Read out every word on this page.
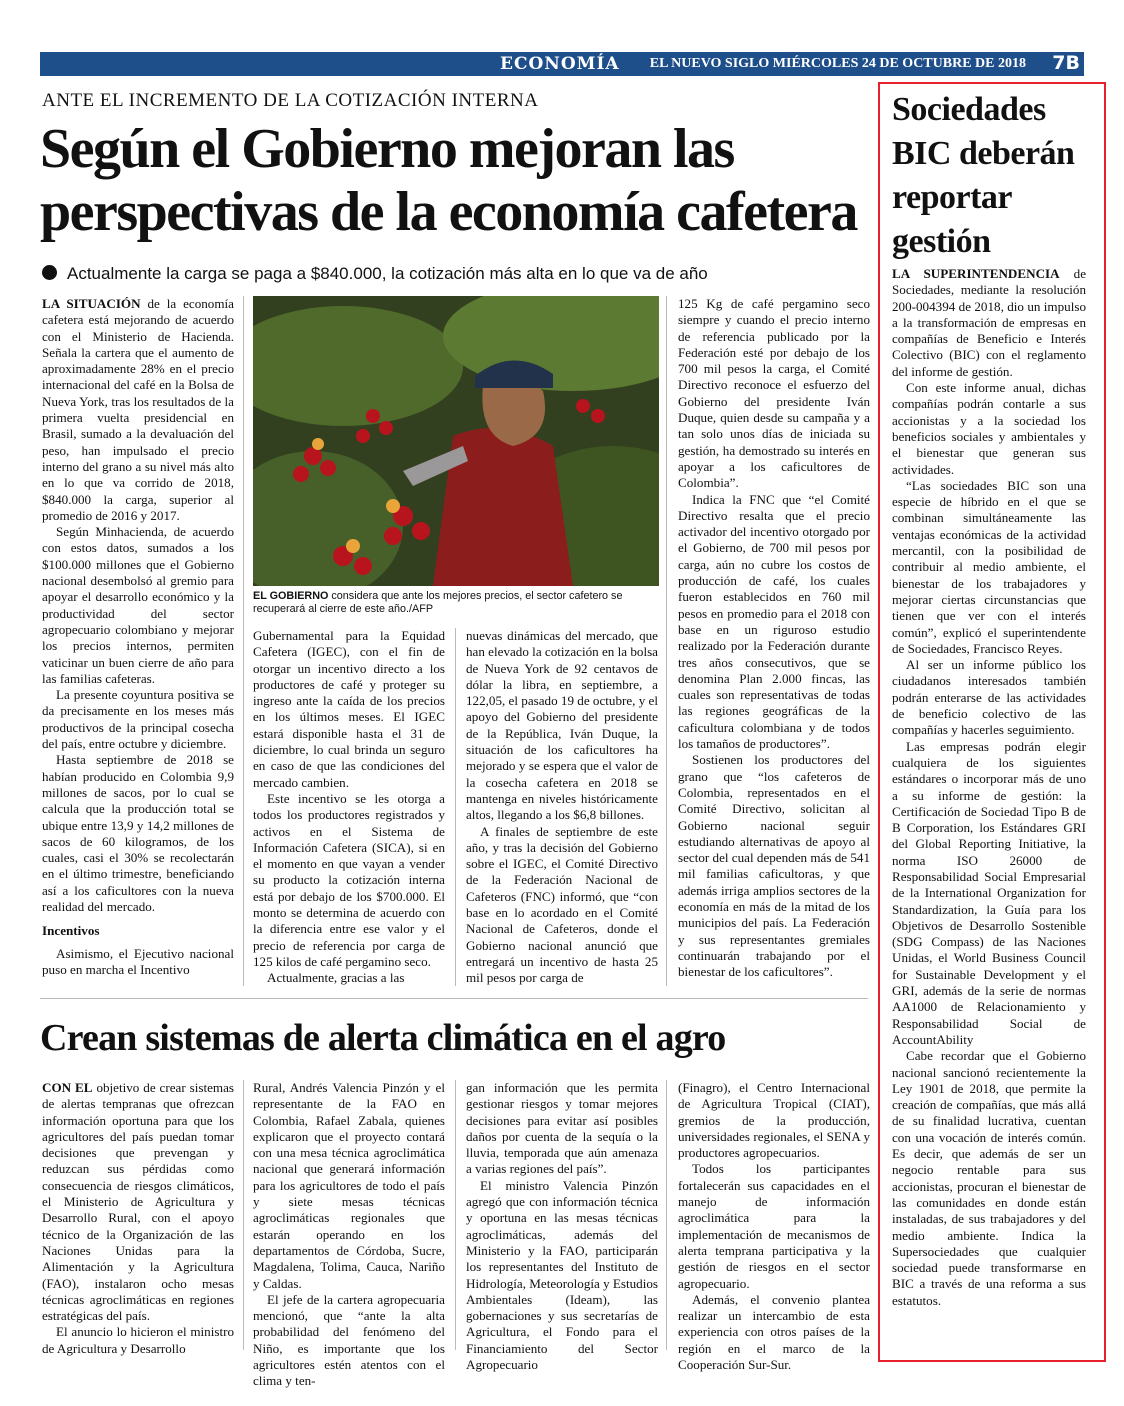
ECONOMÍA EL NUEVO SIGLO MIÉRCOLES 24 DE OCTUBRE DE 2018 7B
ANTE EL INCREMENTO DE LA COTIZACIÓN INTERNA
Según el Gobierno mejoran las perspectivas de la economía cafetera
Actualmente la carga se paga a $840.000, la cotización más alta en lo que va de año

LA SITUACIÓN de la economía cafetera está mejorando de acuerdo con el Ministerio de Hacienda. Señala la cartera que el aumento de aproximadamente 28% en el precio internacional del café en la Bolsa de Nueva York, tras los resultados de la primera vuelta presidencial en Brasil, sumado a la devaluación del peso, han impulsado el precio interno del grano a su nivel más alto en lo que va corrido de 2018, $840.000 la carga, superior al promedio de 2016 y 2017.

Según Minhacienda, de acuerdo con estos datos, sumados a los $100.000 millones que el Gobierno nacional desembolsó al gremio para apoyar el desarrollo económico y la productividad del sector agropecuario colombiano y mejorar los precios internos, permiten vaticinar un buen cierre de año para las familias cafeteras.

La presente coyuntura positiva se da precisamente en los meses más productivos de la principal cosecha del país, entre octubre y diciembre.

Hasta septiembre de 2018 se habían producido en Colombia 9,9 millones de sacos, por lo cual se calcula que la producción total se ubique entre 13,9 y 14,2 millones de sacos de 60 kilogramos, de los cuales, casi el 30% se recolectarán en el último trimestre, beneficiando así a los caficultores con la nueva realidad del mercado.

Incentivos

Asimismo, el Ejecutivo nacional puso en marcha el Incentivo

EL GOBIERNO considera que ante los mejores precios, el sector cafetero se recuperará al cierre de este año./AFP

Gubernamental para la Equidad Cafetera (IGEC), con el fin de otorgar un incentivo directo a los productores de café y proteger su ingreso ante la caída de los precios en los últimos meses. El IGEC estará disponible hasta el 31 de diciembre, lo cual brinda un seguro en caso de que las condiciones del mercado cambien.

Este incentivo se les otorga a todos los productores registrados y activos en el Sistema de Información Cafetera (SICA), si en el momento en que vayan a vender su producto la cotización interna está por debajo de los $700.000. El monto se determina de acuerdo con la diferencia entre ese valor y el precio de referencia por carga de 125 kilos de café pergamino seco.

Actualmente, gracias a las

nuevas dinámicas del mercado, que han elevado la cotización en la bolsa de Nueva York de 92 centavos de dólar la libra, en septiembre, a 122,05, el pasado 19 de octubre, y el apoyo del Gobierno del presidente de la República, Iván Duque, la situación de los caficultores ha mejorado y se espera que el valor de la cosecha cafetera en 2018 se mantenga en niveles históricamente altos, llegando a los $6,8 billones.

A finales de septiembre de este año, y tras la decisión del Gobierno sobre el IGEC, el Comité Directivo de la Federación Nacional de Cafeteros (FNC) informó, que “con base en lo acordado en el Comité Nacional de Cafeteros, donde el Gobierno nacional anunció que entregará un incentivo de hasta 25 mil pesos por carga de

125 Kg de café pergamino seco siempre y cuando el precio interno de referencia publicado por la Federación esté por debajo de los 700 mil pesos la carga, el Comité Directivo reconoce el esfuerzo del Gobierno del presidente Iván Duque, quien desde su campaña y a tan solo unos días de iniciada su gestión, ha demostrado su interés en apoyar a los caficultores de Colombia”.

Indica la FNC que “el Comité Directivo resalta que el precio activador del incentivo otorgado por el Gobierno, de 700 mil pesos por carga, aún no cubre los costos de producción de café, los cuales fueron establecidos en 760 mil pesos en promedio para el 2018 con base en un riguroso estudio realizado por la Federación durante tres años consecutivos, que se denomina Plan 2.000 fincas, las cuales son representativas de todas las regiones geográficas de la caficultura colombiana y de todos los tamaños de productores”.

Sostienen los productores del grano que “los cafeteros de Colombia, representados en el Comité Directivo, solicitan al Gobierno nacional seguir estudiando alternativas de apoyo al sector del cual dependen más de 541 mil familias caficultoras, y que además irriga amplios sectores de la economía en más de la mitad de los municipios del país. La Federación y sus representantes gremiales continuarán trabajando por el bienestar de los caficultores”.

Sociedades BIC deberán reportar gestión

LA SUPERINTENDENCIA de Sociedades, mediante la resolución 200-004394 de 2018, dio un impulso a la transformación de empresas en compañías de Beneficio e Interés Colectivo (BIC) con el reglamento del informe de gestión.

Con este informe anual, dichas compañías podrán contarle a sus accionistas y a la sociedad los beneficios sociales y ambientales y el bienestar que generan sus actividades.

“Las sociedades BIC son una especie de híbrido en el que se combinan simultáneamente las ventajas económicas de la actividad mercantil, con la posibilidad de contribuir al medio ambiente, el bienestar de los trabajadores y mejorar ciertas circunstancias que tienen que ver con el interés común”, explicó el superintendente de Sociedades, Francisco Reyes.

Al ser un informe público los ciudadanos interesados también podrán enterarse de las actividades de beneficio colectivo de las compañías y hacerles seguimiento.

Las empresas podrán elegir cualquiera de los siguientes estándares o incorporar más de uno a su informe de gestión: la Certificación de Sociedad Tipo B de B Corporation, los Estándares GRI del Global Reporting Initiative, la norma ISO 26000 de Responsabilidad Social Empresarial de la International Organization for Standardization, la Guía para los Objetivos de Desarrollo Sostenible (SDG Compass) de las Naciones Unidas, el World Business Council for Sustainable Development y el GRI, además de la serie de normas AA1000 de Relacionamiento y Responsabilidad Social de AccountAbility

Cabe recordar que el Gobierno nacional sancionó recientemente la Ley 1901 de 2018, que permite la creación de compañías, que más allá de su finalidad lucrativa, cuentan con una vocación de interés común. Es decir, que además de ser un negocio rentable para sus accionistas, procuran el bienestar de las comunidades en donde están instaladas, de sus trabajadores y del medio ambiente. Indica la Supersociedades que cualquier sociedad puede transformarse en BIC a través de una reforma a sus estatutos.

Crean sistemas de alerta climática en el agro

CON EL objetivo de crear sistemas de alertas tempranas que ofrezcan información oportuna para que los agricultores del país puedan tomar decisiones que prevengan y reduzcan sus pérdidas como consecuencia de riesgos climáticos, el Ministerio de Agricultura y Desarrollo Rural, con el apoyo técnico de la Organización de las Naciones Unidas para la Alimentación y la Agricultura (FAO), instalaron ocho mesas técnicas agroclimáticas en regiones estratégicas del país.

El anuncio lo hicieron el ministro de Agricultura y Desarrollo

Rural, Andrés Valencia Pinzón y el representante de la FAO en Colombia, Rafael Zabala, quienes explicaron que el proyecto contará con una mesa técnica agroclimática nacional que generará información para los agricultores de todo el país y siete mesas técnicas agroclimáticas regionales que estarán operando en los departamentos de Córdoba, Sucre, Magdalena, Tolima, Cauca, Nariño y Caldas.

El jefe de la cartera agropecuaria mencionó, que “ante la alta probabilidad del fenómeno del Niño, es importante que los agricultores estén atentos con el clima y ten-

gan información que les permita gestionar riesgos y tomar mejores decisiones para evitar así posibles daños por cuenta de la sequía o la lluvia, temporada que aún amenaza a varias regiones del país”.

El ministro Valencia Pinzón agregó que con información técnica y oportuna en las mesas técnicas agroclimáticas, además del Ministerio y la FAO, participarán los representantes del Instituto de Hidrología, Meteorología y Estudios Ambientales (Ideam), las gobernaciones y sus secretarías de Agricultura, el Fondo para el Financiamiento del Sector Agropecuario

(Finagro), el Centro Internacional de Agricultura Tropical (CIAT), gremios de la producción, universidades regionales, el SENA y productores agropecuarios.

Todos los participantes fortalecerán sus capacidades en el manejo de información agroclimática para la implementación de mecanismos de alerta temprana participativa y la gestión de riesgos en el sector agropecuario.

Además, el convenio plantea realizar un intercambio de esta experiencia con otros países de la región en el marco de la Cooperación Sur-Sur.
